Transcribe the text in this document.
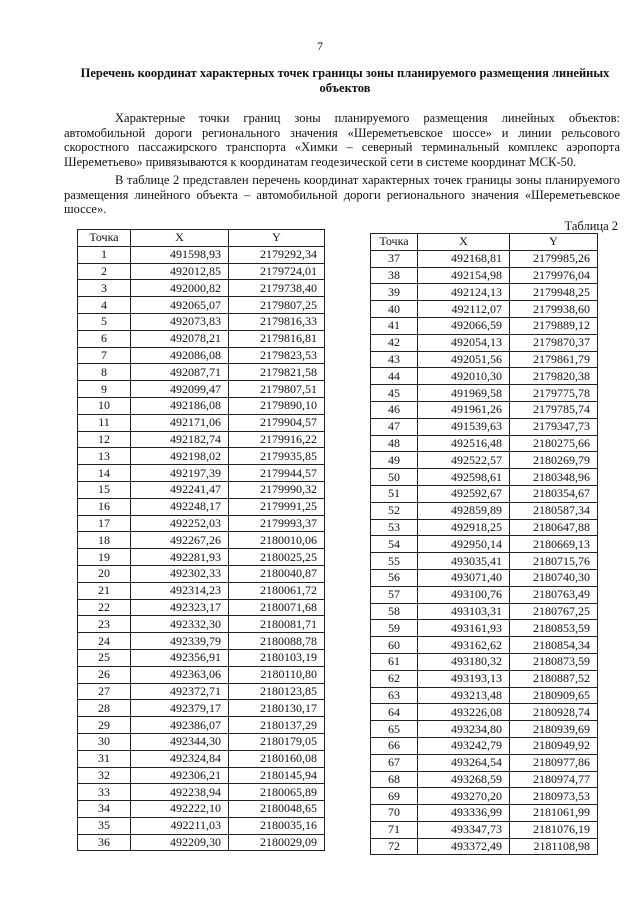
7
Перечень координат характерных точек границы зоны планируемого размещения линейных объектов
Характерные точки границ зоны планируемого размещения линейных объектов: автомобильной дороги регионального значения «Шереметьевское шоссе» и линии рельсового скоростного пассажирского транспорта «Химки – северный терминальный комплекс аэропорта Шереметьево» привязываются к координатам геодезической сети в системе координат МСК-50.
В таблице 2 представлен перечень координат характерных точек границы зоны планируемого размещения линейного объекта – автомобильной дороги регионального значения «Шереметьевское шоссе».
Таблица 2
Точка	X	Y
1	491598,93	2179292,34
2	492012,85	2179724,01
3	492000,82	2179738,40
4	492065,07	2179807,25
5	492073,83	2179816,33
6	492078,21	2179816,81
7	492086,08	2179823,53
8	492087,71	2179821,58
9	492099,47	2179807,51
10	492186,08	2179890,10
11	492171,06	2179904,57
12	492182,74	2179916,22
13	492198,02	2179935,85
14	492197,39	2179944,57
15	492241,47	2179990,32
16	492248,17	2179991,25
17	492252,03	2179993,37
18	492267,26	2180010,06
19	492281,93	2180025,25
20	492302,33	2180040,87
21	492314,23	2180061,72
22	492323,17	2180071,68
23	492332,30	2180081,71
24	492339,79	2180088,78
25	492356,91	2180103,19
26	492363,06	2180110,80
27	492372,71	2180123,85
28	492379,17	2180130,17
29	492386,07	2180137,29
30	492344,30	2180179,05
31	492324,84	2180160,08
32	492306,21	2180145,94
33	492238,94	2180065,89
34	492222,10	2180048,65
35	492211,03	2180035,16
36	492209,30	2180029,09
Точка	X	Y
37	492168,81	2179985,26
38	492154,98	2179976,04
39	492124,13	2179948,25
40	492112,07	2179938,60
41	492066,59	2179889,12
42	492054,13	2179870,37
43	492051,56	2179861,79
44	492010,30	2179820,38
45	491969,58	2179775,78
46	491961,26	2179785,74
47	491539,63	2179347,73
48	492516,48	2180275,66
49	492522,57	2180269,79
50	492598,61	2180348,96
51	492592,67	2180354,67
52	492859,89	2180587,34
53	492918,25	2180647,88
54	492950,14	2180669,13
55	493035,41	2180715,76
56	493071,40	2180740,30
57	493100,76	2180763,49
58	493103,31	2180767,25
59	493161,93	2180853,59
60	493162,62	2180854,34
61	493180,32	2180873,59
62	493193,13	2180887,52
63	493213,48	2180909,65
64	493226,08	2180928,74
65	493234,80	2180939,69
66	493242,79	2180949,92
67	493264,54	2180977,86
68	493268,59	2180974,77
69	493270,20	2180973,53
70	493336,99	2181061,99
71	493347,73	2181076,19
72	493372,49	2181108,98
